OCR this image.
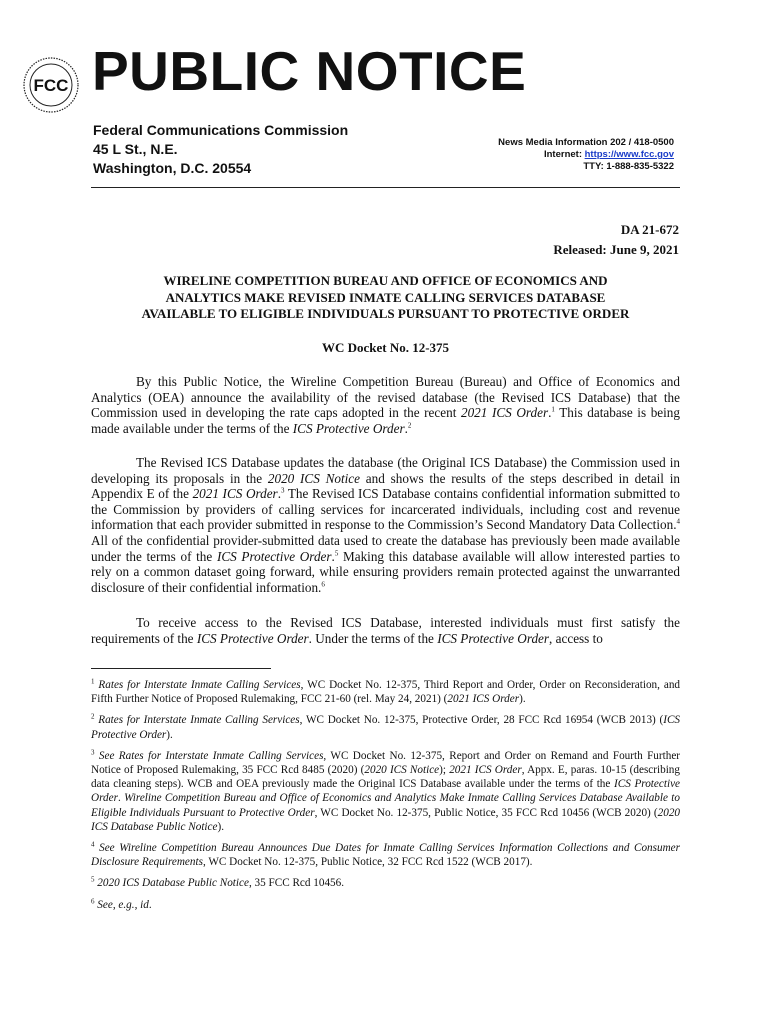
FCC PUBLIC NOTICE
Federal Communications Commission
45 L St., N.E.
Washington, D.C. 20554
News Media Information 202 / 418-0500
Internet: https://www.fcc.gov
TTY: 1-888-835-5322
DA 21-672
Released: June 9, 2021
WIRELINE COMPETITION BUREAU AND OFFICE OF ECONOMICS AND
ANALYTICS MAKE REVISED INMATE CALLING SERVICES DATABASE
AVAILABLE TO ELIGIBLE INDIVIDUALS PURSUANT TO PROTECTIVE ORDER
WC Docket No. 12-375

By this Public Notice, the Wireline Competition Bureau (Bureau) and Office of Economics and Analytics (OEA) announce the availability of the revised database (the Revised ICS Database) that the Commission used in developing the rate caps adopted in the recent 2021 ICS Order.$^1$ This database is being made available under the terms of the ICS Protective Order.$^2$

The Revised ICS Database updates the database (the Original ICS Database) the Commission used in developing its proposals in the 2020 ICS Notice and shows the results of the steps described in detail in Appendix E of the 2021 ICS Order.$^3$ The Revised ICS Database contains confidential information submitted to the Commission by providers of calling services for incarcerated individuals, including cost and revenue information that each provider submitted in response to the Commission’s Second Mandatory Data Collection.$^4$ All of the confidential provider-submitted data used to create the database has previously been made available under the terms of the ICS Protective Order.$^5$ Making this database available will allow interested parties to rely on a common dataset going forward, while ensuring providers remain protected against the unwarranted disclosure of their confidential information.$^6$

To receive access to the Revised ICS Database, interested individuals must first satisfy the requirements of the ICS Protective Order. Under the terms of the ICS Protective Order, access to

$^1$ Rates for Interstate Inmate Calling Services, WC Docket No. 12-375, Third Report and Order, Order on Reconsideration, and Fifth Further Notice of Proposed Rulemaking, FCC 21-60 (rel. May 24, 2021) (2021 ICS Order).

$^2$ Rates for Interstate Inmate Calling Services, WC Docket No. 12-375, Protective Order, 28 FCC Rcd 16954 (WCB 2013) (ICS Protective Order).

$^3$ See Rates for Interstate Inmate Calling Services, WC Docket No. 12-375, Report and Order on Remand and Fourth Further Notice of Proposed Rulemaking, 35 FCC Rcd 8485 (2020) (2020 ICS Notice); 2021 ICS Order, Appx. E, paras. 10-15 (describing data cleaning steps). WCB and OEA previously made the Original ICS Database available under the terms of the ICS Protective Order. Wireline Competition Bureau and Office of Economics and Analytics Make Inmate Calling Services Database Available to Eligible Individuals Pursuant to Protective Order, WC Docket No. 12-375, Public Notice, 35 FCC Rcd 10456 (WCB 2020) (2020 ICS Database Public Notice).

$^4$ See Wireline Competition Bureau Announces Due Dates for Inmate Calling Services Information Collections and Consumer Disclosure Requirements, WC Docket No. 12-375, Public Notice, 32 FCC Rcd 1522 (WCB 2017).

$^5$ 2020 ICS Database Public Notice, 35 FCC Rcd 10456.

$^6$ See, e.g., id.
